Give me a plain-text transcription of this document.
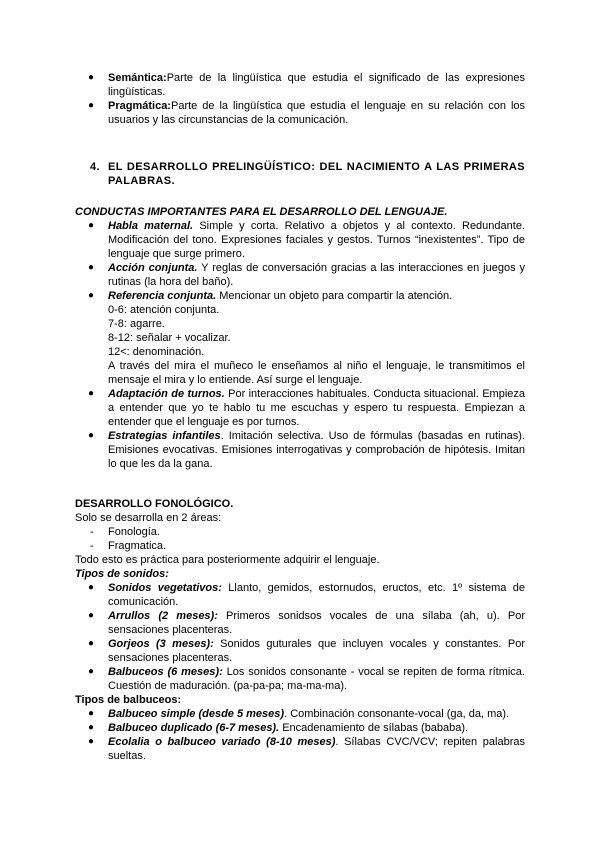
● Semántica:Parte de la lingüística que estudia el significado de las expresiones lingüísticas.

● Pragmática:Parte de la lingüística que estudia el lenguaje en su relación con los usuarios y las circunstancias de la comunicación.

4. EL DESARROLLO PRELINGÜÍSTICO: DEL NACIMIENTO A LAS PRIMERAS PALABRAS.

CONDUCTAS IMPORTANTES PARA EL DESARROLLO DEL LENGUAJE.

● Habla maternal. Simple y corta. Relativo a objetos y al contexto. Redundante. Modificación del tono. Expresiones faciales y gestos. Turnos “inexistentes”. Tipo de lenguaje que surge primero.

● Acción conjunta. Y reglas de conversación gracias a las interacciones en juegos y rutinas (la hora del baño).

● Referencia conjunta. Mencionar un objeto para compartir la atención.

0-6: atención conjunta.

7-8: agarre.

8-12: señalar + vocalizar.

12<: denominación.

A través del mira el muñeco le enseñamos al niño el lenguaje, le transmitimos el mensaje el mira y lo entiende. Así surge el lenguaje.

● Adaptación de turnos. Por interacciones habituales. Conducta situacional. Empieza a entender que yo te hablo tu me escuchas y espero tu respuesta. Empiezan a entender que el lenguaje es por turnos.

● Estrategias infantiles. Imitación selectiva. Uso de fórmulas (basadas en rutinas). Emisiones evocativas. Emisiones interrogativas y comprobación de hipótesis. Imitan lo que les da la gana.

DESARROLLO FONOLÓGICO.

Solo se desarrolla en 2 áreas:

- Fonología.

- Fragmatica.

Todo esto es práctica para posteriormente adquirir el lenguaje.

Tipos de sonidos:

● Sonidos vegetativos: Llanto, gemidos, estornudos, eructos, etc. 1º sistema de comunicación.

● Arrullos (2 meses): Primeros sonidsos vocales de una sílaba (ah, u). Por sensaciones placenteras.

● Gorjeos (3 meses): Sonidos guturales que incluyen vocales y constantes. Por sensaciones placenteras.

● Balbuceos (6 meses): Los sonidos consonante - vocal se repiten de forma rítmica. Cuestión de maduración. (pa-pa-pa; ma-ma-ma).

Tipos de balbuceos:

● Balbuceo simple (desde 5 meses). Combinación consonante-vocal (ga, da, ma).

● Balbuceo duplicado (6-7 meses). Encadenamiento de sílabas (bababa).

● Ecolalia o balbuceo variado (8-10 meses). Sílabas CVC/VCV; repiten palabras sueltas.
